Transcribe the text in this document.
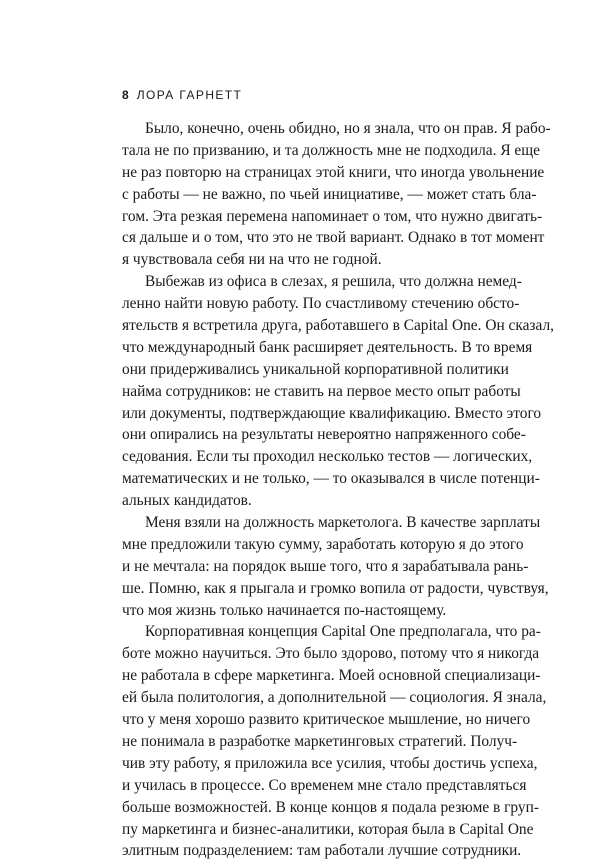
8 ЛОРА ГАРНЕТТ
Было, конечно, очень обидно, но я знала, что он прав. Я рабо-
тала не по призванию, и та должность мне не подходила. Я еще
не раз повторю на страницах этой книги, что иногда увольнение
с работы — не важно, по чьей инициативе, — может стать бла-
гом. Эта резкая перемена напоминает о том, что нужно двигать-
ся дальше и о том, что это не твой вариант. Однако в тот момент
я чувствовала себя ни на что не годной.
Выбежав из офиса в слезах, я решила, что должна немед-
ленно найти новую работу. По счастливому стечению обсто-
ятельств я встретила друга, работавшего в Capital One. Он сказал,
что международный банк расширяет деятельность. В то время
они придерживались уникальной корпоративной политики
найма сотрудников: не ставить на первое место опыт работы
или документы, подтверждающие квалификацию. Вместо этого
они опирались на результаты невероятно напряженного собе-
седования. Если ты проходил несколько тестов — логических,
математических и не только, — то оказывался в числе потенци-
альных кандидатов.
Меня взяли на должность маркетолога. В качестве зарплаты
мне предложили такую сумму, заработать которую я до этого
и не мечтала: на порядок выше того, что я зарабатывала рань-
ше. Помню, как я прыгала и громко вопила от радости, чувствуя,
что моя жизнь только начинается по-настоящему.
Корпоративная концепция Capital One предполагала, что ра-
боте можно научиться. Это было здорово, потому что я никогда
не работала в сфере маркетинга. Моей основной специализаци-
ей была политология, а дополнительной — социология. Я знала,
что у меня хорошо развито критическое мышление, но ничего
не понимала в разработке маркетинговых стратегий. Получ-
чив эту работу, я приложила все усилия, чтобы достичь успеха,
и училась в процессе. Со временем мне стало представляться
больше возможностей. В конце концов я подала резюме в груп-
пу маркетинга и бизнес-аналитики, которая была в Capital One
элитным подразделением: там работали лучшие сотрудники.
